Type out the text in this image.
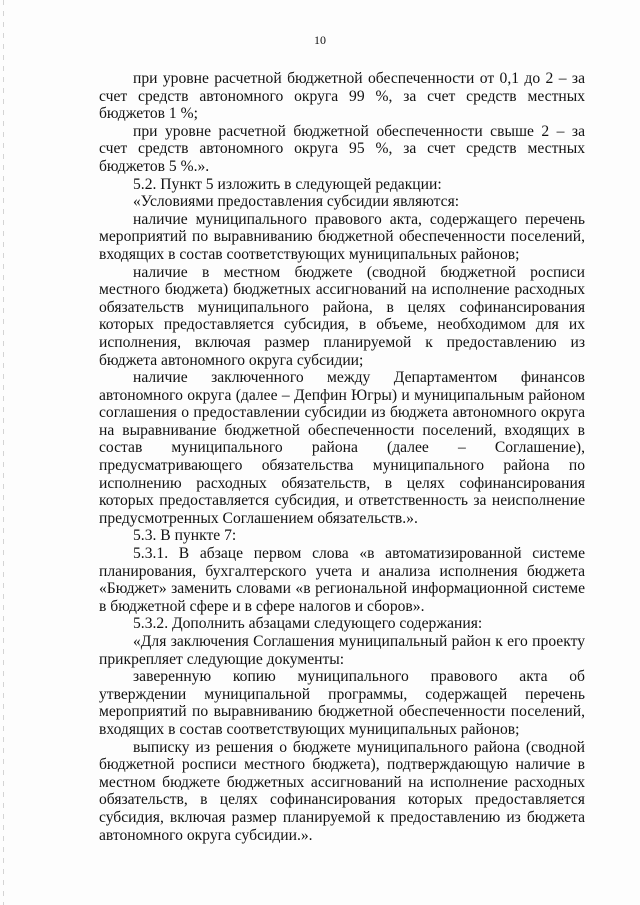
10

при уровне расчетной бюджетной обеспеченности от 0,1 до 2 – за счет средств автономного округа 99 %, за счет средств местных бюджетов 1 %;

при уровне расчетной бюджетной обеспеченности свыше 2 – за счет средств автономного округа 95 %, за счет средств местных бюджетов 5 %.».

5.2. Пункт 5 изложить в следующей редакции:

«Условиями предоставления субсидии являются:

наличие муниципального правового акта, содержащего перечень мероприятий по выравниванию бюджетной обеспеченности поселений, входящих в состав соответствующих муниципальных районов;

наличие в местном бюджете (сводной бюджетной росписи местного бюджета) бюджетных ассигнований на исполнение расходных обязательств муниципального района, в целях софинансирования которых предоставляется субсидия, в объеме, необходимом для их исполнения, включая размер планируемой к предоставлению из бюджета автономного округа субсидии;

наличие заключенного между Департаментом финансов автономного округа (далее – Депфин Югры) и муниципальным районом соглашения о предоставлении субсидии из бюджета автономного округа на выравнивание бюджетной обеспеченности поселений, входящих в состав муниципального района (далее – Соглашение), предусматривающего обязательства муниципального района по исполнению расходных обязательств, в целях софинансирования которых предоставляется субсидия, и ответственность за неисполнение предусмотренных Соглашением обязательств.».

5.3. В пункте 7:

5.3.1. В абзаце первом слова «в автоматизированной системе планирования, бухгалтерского учета и анализа исполнения бюджета «Бюджет» заменить словами «в региональной информационной системе в бюджетной сфере и в сфере налогов и сборов».

5.3.2. Дополнить абзацами следующего содержания:

«Для заключения Соглашения муниципальный район к его проекту прикрепляет следующие документы:

заверенную копию муниципального правового акта об утверждении муниципальной программы, содержащей перечень мероприятий по выравниванию бюджетной обеспеченности поселений, входящих в состав соответствующих муниципальных районов;

выписку из решения о бюджете муниципального района (сводной бюджетной росписи местного бюджета), подтверждающую наличие в местном бюджете бюджетных ассигнований на исполнение расходных обязательств, в целях софинансирования которых предоставляется субсидия, включая размер планируемой к предоставлению из бюджета автономного округа субсидии.».
